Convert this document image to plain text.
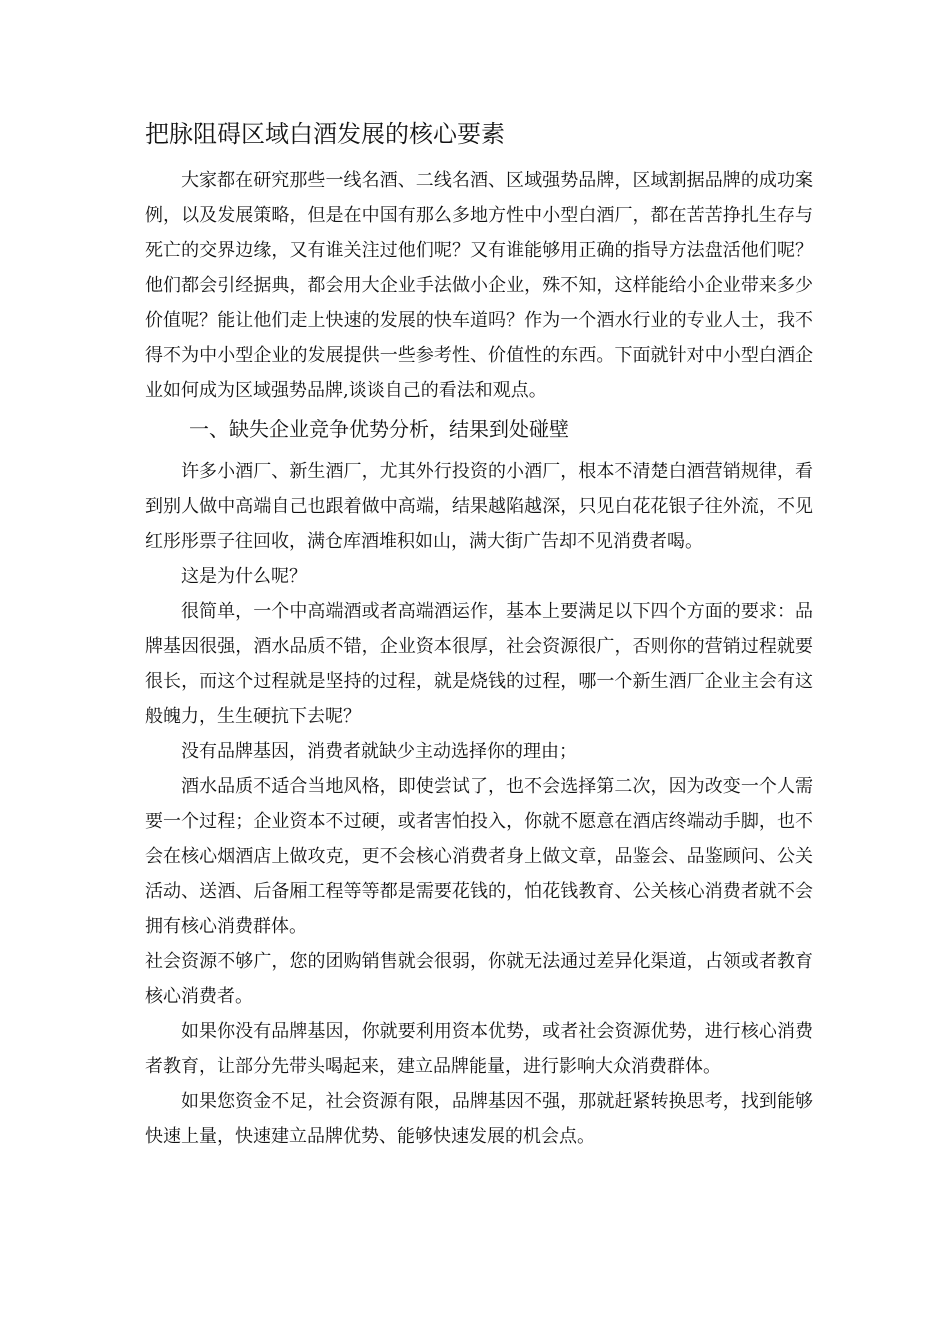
把脉阻碍区域白酒发展的核心要素

大家都在研究那些一线名酒、二线名酒、区域强势品牌，区域割据品牌的成功案例，以及发展策略，但是在中国有那么多地方性中小型白酒厂，都在苦苦挣扎生存与死亡的交界边缘，又有谁关注过他们呢？又有谁能够用正确的指导方法盘活他们呢？他们都会引经据典，都会用大企业手法做小企业，殊不知，这样能给小企业带来多少价值呢？能让他们走上快速的发展的快车道吗？作为一个酒水行业的专业人士，我不得不为中小型企业的发展提供一些参考性、价值性的东西。下面就针对中小型白酒企业如何成为区域强势品牌,谈谈自己的看法和观点。

一、缺失企业竞争优势分析，结果到处碰壁

许多小酒厂、新生酒厂，尤其外行投资的小酒厂，根本不清楚白酒营销规律，看到别人做中高端自己也跟着做中高端，结果越陷越深，只见白花花银子往外流，不见红彤彤票子往回收，满仓库酒堆积如山，满大街广告却不见消费者喝。

这是为什么呢？

很简单，一个中高端酒或者高端酒运作，基本上要满足以下四个方面的要求：品牌基因很强，酒水品质不错，企业资本很厚，社会资源很广，否则你的营销过程就要很长，而这个过程就是坚持的过程，就是烧钱的过程，哪一个新生酒厂企业主会有这般魄力，生生硬抗下去呢？

没有品牌基因，消费者就缺少主动选择你的理由；

酒水品质不适合当地风格，即使尝试了，也不会选择第二次，因为改变一个人需要一个过程；企业资本不过硬，或者害怕投入，你就不愿意在酒店终端动手脚，也不会在核心烟酒店上做攻克，更不会核心消费者身上做文章，品鉴会、品鉴顾问、公关活动、送酒、后备厢工程等等都是需要花钱的，怕花钱教育、公关核心消费者就不会拥有核心消费群体。

社会资源不够广，您的团购销售就会很弱，你就无法通过差异化渠道，占领或者教育核心消费者。

如果你没有品牌基因，你就要利用资本优势，或者社会资源优势，进行核心消费者教育，让部分先带头喝起来，建立品牌能量，进行影响大众消费群体。

如果您资金不足，社会资源有限，品牌基因不强，那就赶紧转换思考，找到能够快速上量，快速建立品牌优势、能够快速发展的机会点。
